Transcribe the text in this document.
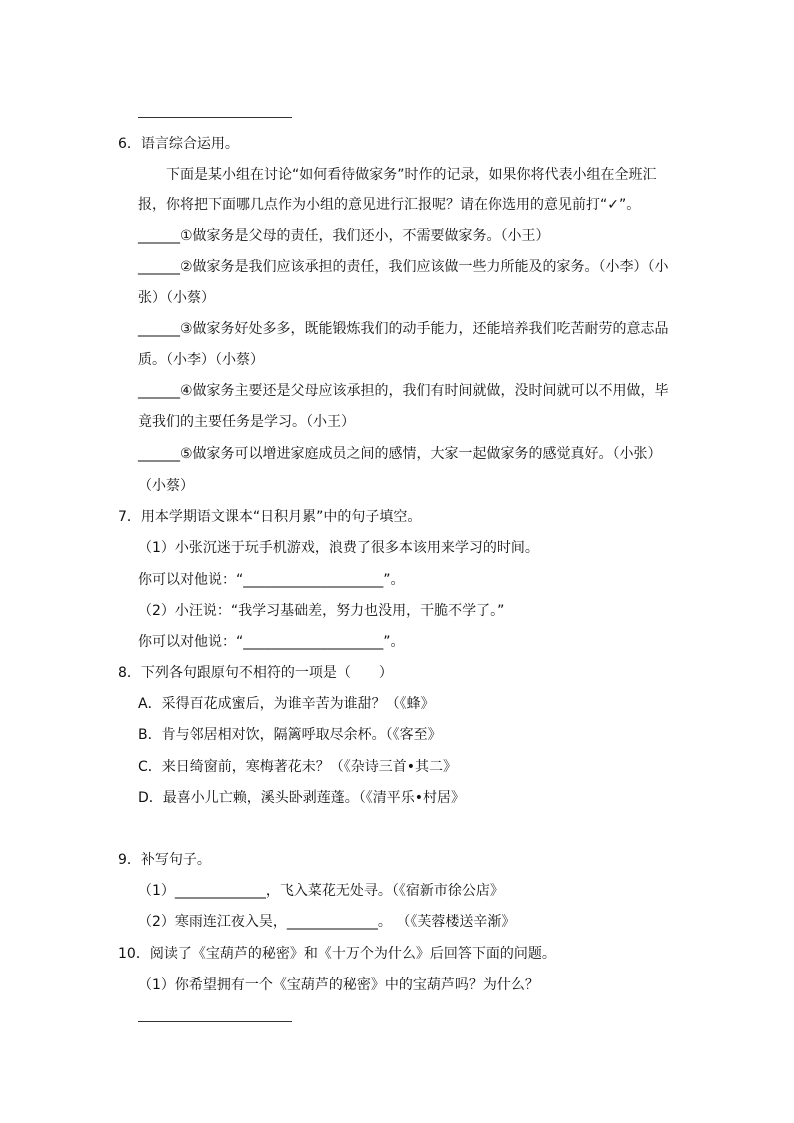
6．语言综合运用。
下面是某小组在讨论“如何看待做家务”时作的记录，如果你将代表小组在全班汇
报，你将把下面哪几点作为小组的意见进行汇报呢？请在你选用的意见前打“✓”。
______①做家务是父母的责任，我们还小，不需要做家务。（小王）
______②做家务是我们应该承担的责任，我们应该做一些力所能及的家务。（小李）（小
张）（小蔡）
______③做家务好处多多，既能锻炼我们的动手能力，还能培养我们吃苦耐劳的意志品
质。（小李）（小蔡）
______④做家务主要还是父母应该承担的，我们有时间就做，没时间就可以不用做，毕
竟我们的主要任务是学习。（小王）
______⑤做家务可以增进家庭成员之间的感情，大家一起做家务的感觉真好。（小张）
（小蔡）
7．用本学期语文课本“日积月累”中的句子填空。
（1）小张沉迷于玩手机游戏，浪费了很多本该用来学习的时间。
你可以对他说：“____________________”。
（2）小汪说：“我学习基础差，努力也没用，干脆不学了。”
你可以对他说：“____________________”。
8．下列各句跟原句不相符的一项是（　　）
A．采得百花成蜜后，为谁辛苦为谁甜？（《蜂》
B．肯与邻居相对饮，隔篱呼取尽余杯。（《客至》
C．来日绮窗前，寒梅著花未？（《杂诗三首•其二》
D．最喜小儿亡赖，溪头卧剥莲蓬。（《清平乐•村居》
9．补写句子。
（1）_____________，飞入菜花无处寻。（《宿新市徐公店》
（2）寒雨连江夜入吴，_____________。 （《芙蓉楼送辛渐》
10．阅读了《宝葫芦的秘密》和《十万个为什么》后回答下面的问题。
（1）你希望拥有一个《宝葫芦的秘密》中的宝葫芦吗？为什么？
